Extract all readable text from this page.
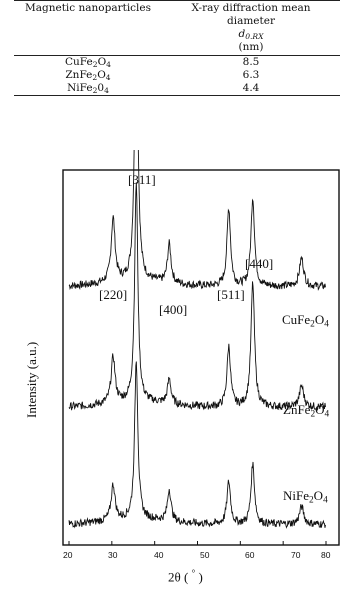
Magnetic nanoparticles	X-ray diffraction mean
diameter
$d_{0.RX}$
(nm)
$CuFe_2O_4$	8.5
$ZnFe_2O_4$	6.3
$NiFe_20_4$	4.4
Intensity (a.u.)
[311]
[220]
[400]
[511]
[440]
$CuFe_2O_4$
$ZnFe_2O_4$
$NiFe_2O_4$
20	30	40	50	60	70 80
2θ ( ° )
